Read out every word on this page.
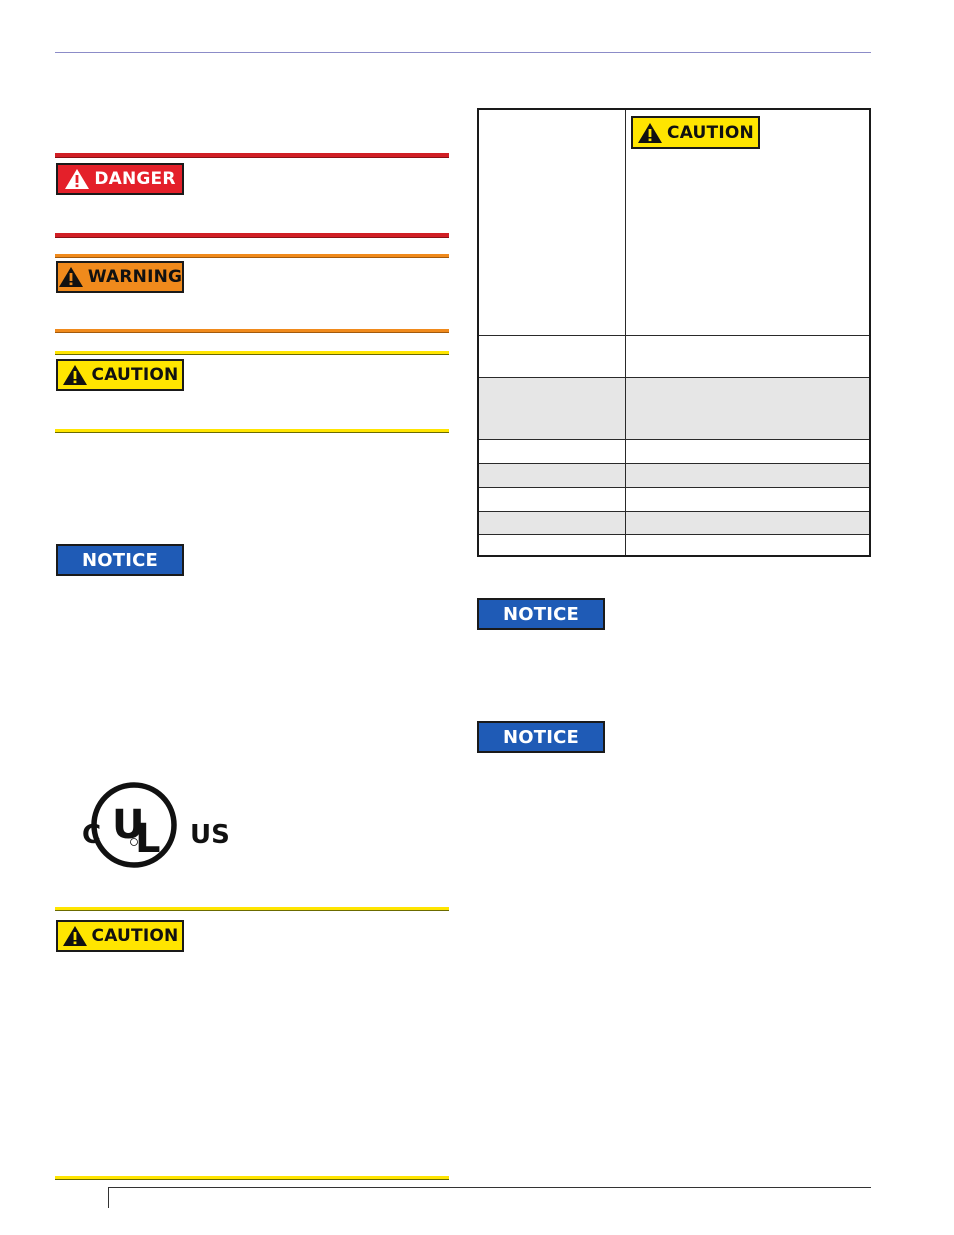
DANGER
WARNING
CAUTION
NOTICE
U
L
C	US
CAUTION
CAUTION
NOTICE
NOTICE
